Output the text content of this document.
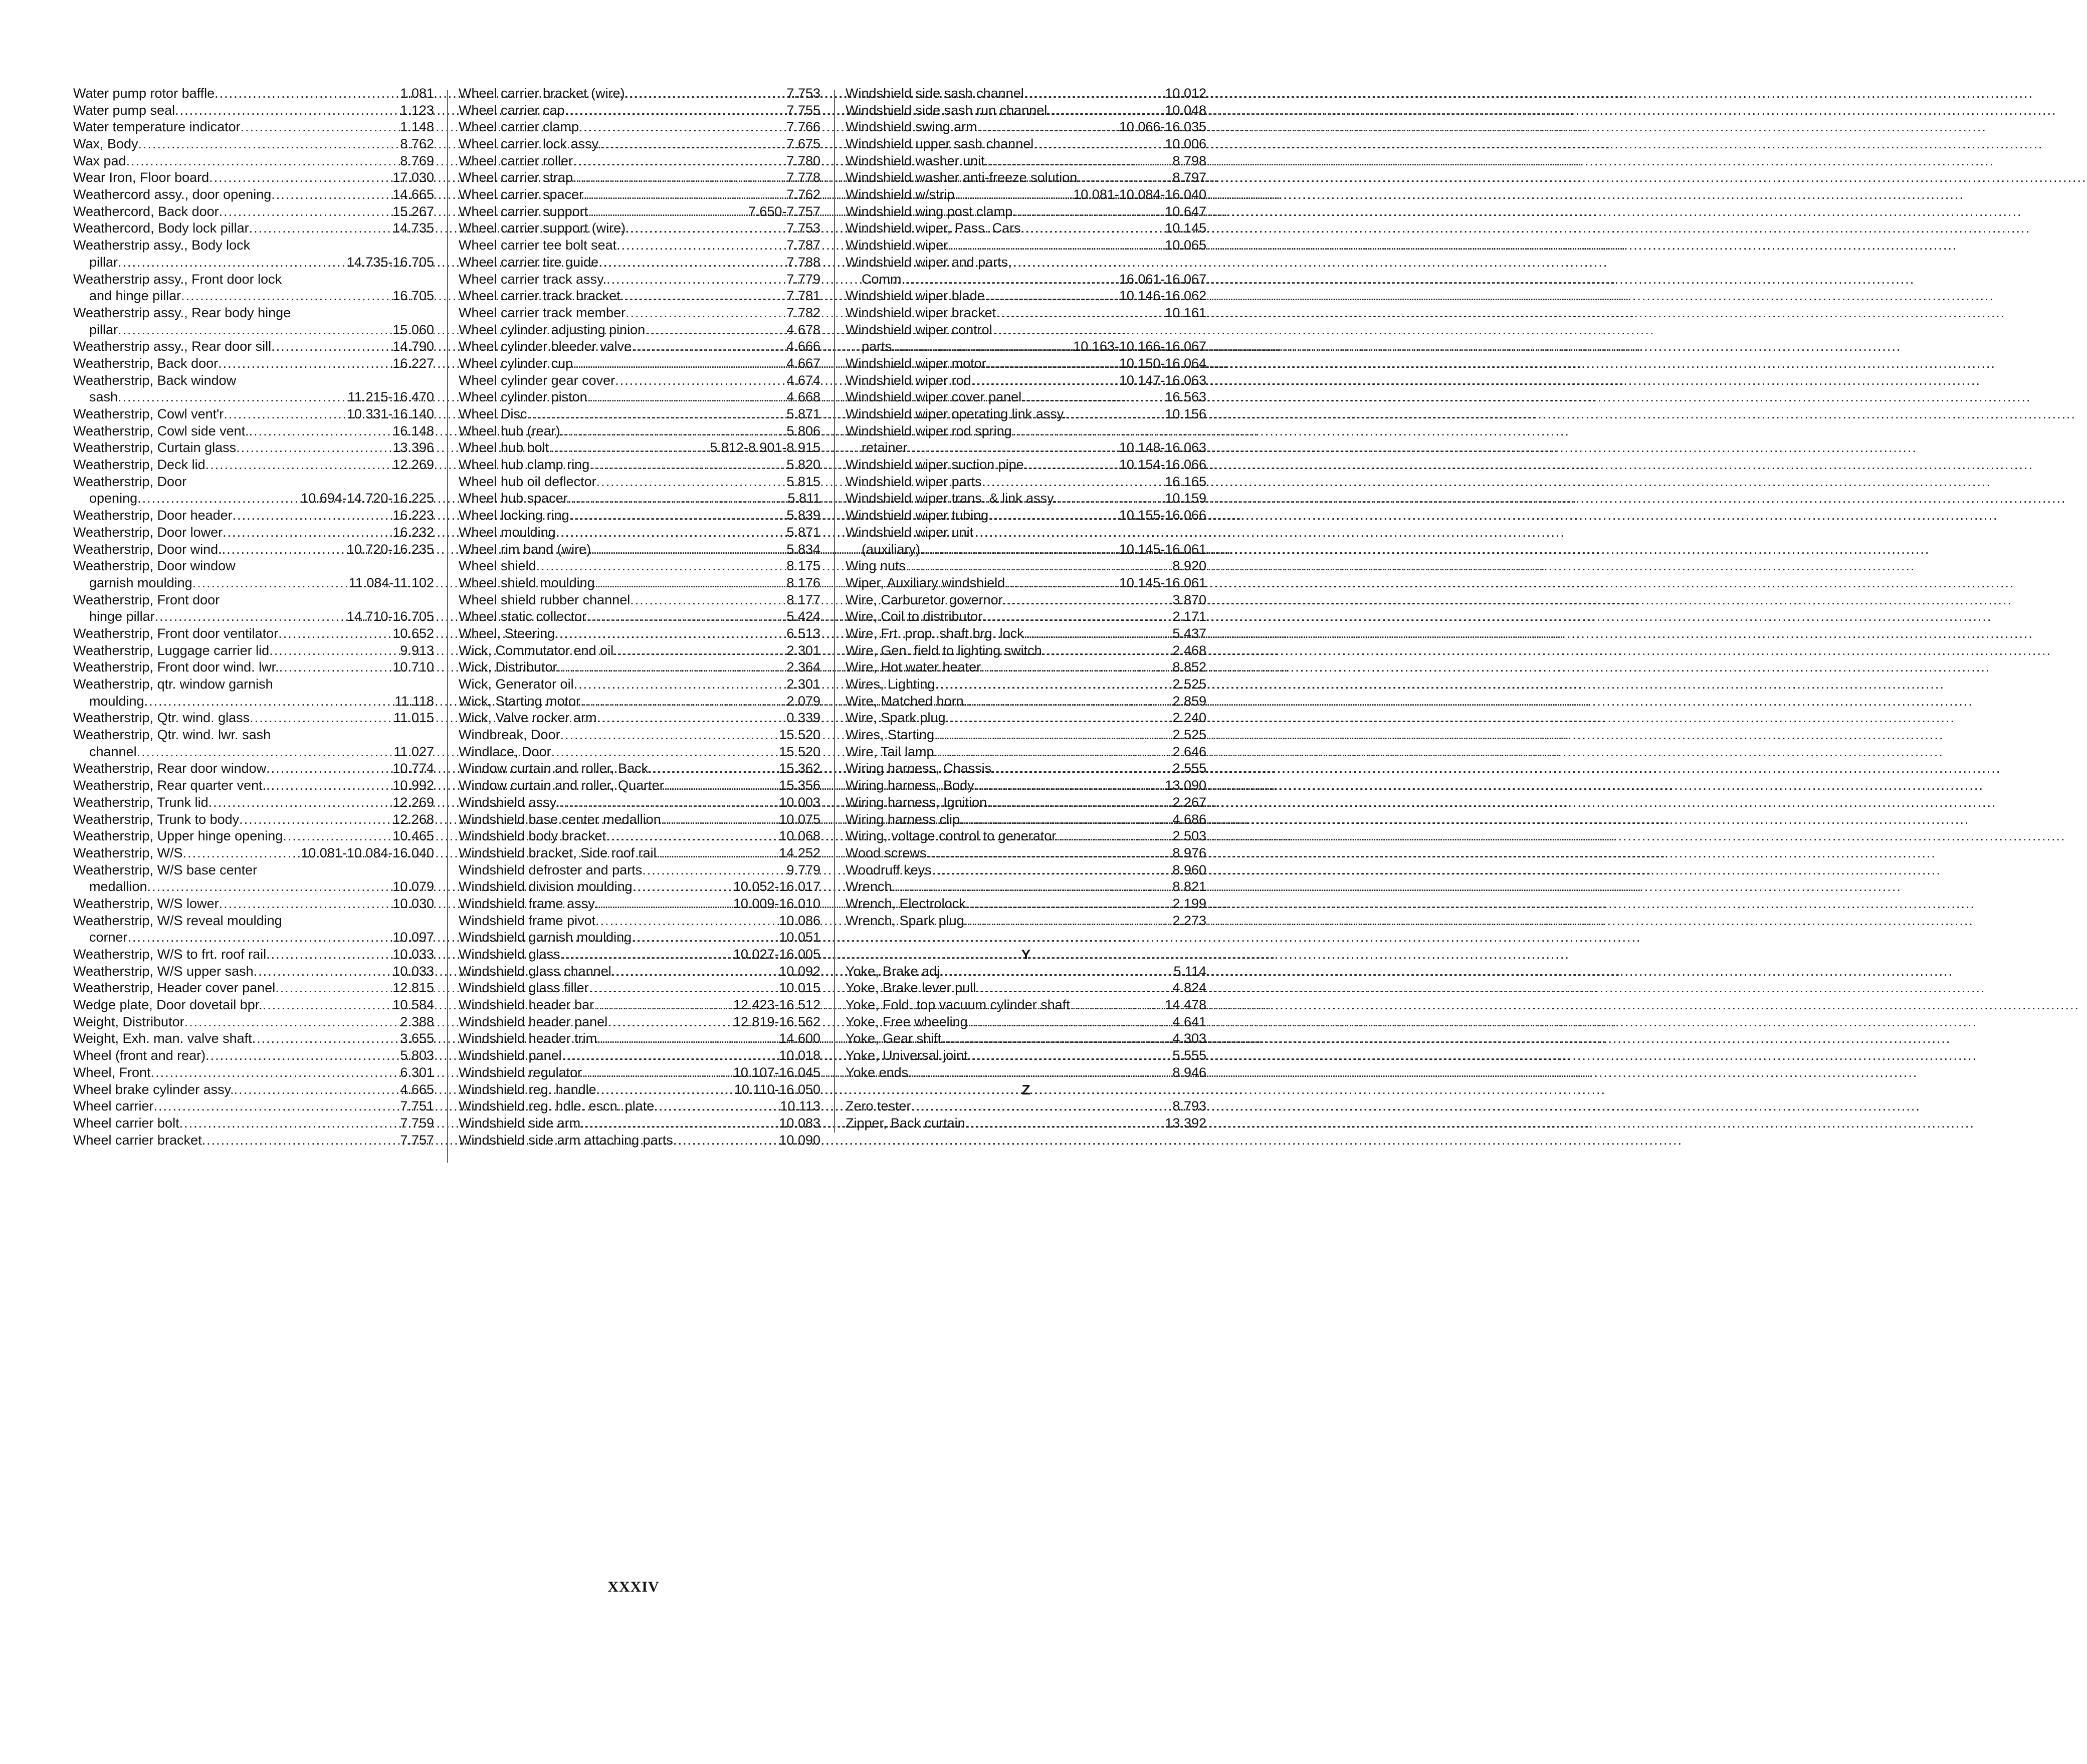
Water pump rotor baffle .....	1.081
Water pump seal .....	1.123
Water temperature indicator .....	1.148
Wax, Body .....	8.762
Wax pad .....	8.769
Wear Iron, Floor board .....	17.030
Weathercord assy., door opening .....	14.665
Weathercord, Back door .....	15.267
Weathercord, Body lock pillar .....	14.735
Weatherstrip assy., Body lock
pillar .....	14.735-16.705
Weatherstrip assy., Front door lock
and hinge pillar .....	16.705
Weatherstrip assy., Rear body hinge
pillar .....	15.060
Weatherstrip assy., Rear door sill .....	14.790
Weatherstrip, Back door .....	16.227
Weatherstrip, Back window
sash .....	11.215-16.470
Weatherstrip, Cowl vent'r .....	10.331-16.140
Weatherstrip, Cowl side vent. .....	16.148
Weatherstrip, Curtain glass .....	13.396
Weatherstrip, Deck lid .....	12.269
Weatherstrip, Door
opening .....	10.694-14.720-16.225
Weatherstrip, Door header .....	16.223
Weatherstrip, Door lower .....	16.232
Weatherstrip, Door wind. .....	10.720-16.235
Weatherstrip, Door window
garnish moulding .....	11.084-11.102
Weatherstrip, Front door
hinge pillar .....	14.710-16.705
Weatherstrip, Front door ventilator .....	10.652
Weatherstrip, Luggage carrier lid .....	9.913
Weatherstrip, Front door wind. lwr. .....	10.710
Weatherstrip, qtr. window garnish
moulding .....	11.118
Weatherstrip, Qtr. wind. glass .....	11.015
Weatherstrip, Qtr. wind. lwr. sash
channel .....	11.027
Weatherstrip, Rear door window .....	10.774
Weatherstrip, Rear quarter vent. .....	10.992
Weatherstrip, Trunk lid .....	12.269
Weatherstrip, Trunk to body .....	12.268
Weatherstrip, Upper hinge opening .....	10.465
Weatherstrip, W/S .....	10.081-10.084-16.040
Weatherstrip, W/S base center
medallion .....	10.079
Weatherstrip, W/S lower .....	10.030
Weatherstrip, W/S reveal moulding
corner .....	10.097
Weatherstrip, W/S to frt. roof rail .....	10.033
Weatherstrip, W/S upper sash .....	10.033
Weatherstrip, Header cover panel .....	12.815
Wedge plate, Door dovetail bpr. .....	10.584
Weight, Distributor .....	2.388
Weight, Exh. man. valve shaft .....	3.655
Wheel (front and rear) .....	5.803
Wheel, Front .....	6.301
Wheel brake cylinder assy. .....	4.665
Wheel carrier .....	7.751
Wheel carrier bolt .....	7.759
Wheel carrier bracket .....	7.757
Wheel carrier bracket (wire) .....	7.753
Wheel carrier cap .....	7.755
Wheel carrier clamp .....	7.766
Wheel carrier lock assy. .....	7.675
Wheel carrier roller .....	7.780
Wheel carrier strap .....	7.778
Wheel carrier spacer .....	7.762
Wheel carrier support .....	7.650-7.757
Wheel carrier support (wire) .....	7.753
Wheel carrier tee bolt seat .....	7.787
Wheel carrier tire guide .....	7.788
Wheel carrier track assy. .....	7.779
Wheel carrier track bracket .....	7.781
Wheel carrier track member .....	7.782
Wheel cylinder adjusting pinion .....	4.678
Wheel cylinder bleeder valve .....	4.666
Wheel cylinder cup .....	4.667
Wheel cylinder gear cover .....	4.674
Wheel cylinder piston .....	4.668
Wheel Disc .....	5.871
Wheel hub (rear) .....	5.806
Wheel hub bolt .....	5.812-8.901-8.915
Wheel hub clamp ring .....	5.820
Wheel hub oil deflector .....	5.815
Wheel hub spacer .....	5.811
Wheel locking ring .....	5.839
Wheel moulding .....	5.871
Wheel rim band (wire) .....	5.834
Wheel shield .....	8.175
Wheel shield moulding .....	8.176
Wheel shield rubber channel .....	8.177
Wheel static collector .....	5.424
Wheel, Steering .....	6.513
Wick, Commutator end oil .....	2.301
Wick, Distributor .....	2.364
Wick, Generator oil .....	2.301
Wick, Starting motor .....	2.079
Wick, Valve rocker arm .....	0.339
Windbreak, Door .....	15.520
Windlace, Door .....	15.520
Window curtain and roller, Back .....	15.362
Window curtain and roller, Quarter .....	15.356
Windshield assy. .....	10.003
Windshield base center medallion .....	10.075
Windshield body bracket .....	10.068
Windshield bracket, Side roof rail .....	14.252
Windshield defroster and parts .....	9.779
Windshield division moulding .....	10.052-16.017
Windshield frame assy. .....	10.009-16.010
Windshield frame pivot .....	10.086
Windshield garnish moulding .....	10.051
Windshield glass .....	10.027-16.005
Windshield glass channel .....	10.092
Windshield glass filler .....	10.015
Windshield header bar .....	12.423-16.512
Windshield header panel .....	12.819-16.562
Windshield header trim .....	14.600
Windshield panel .....	10.018
Windshield regulator .....	10.107-16.045
Windshield reg. handle .....	10.110-16.050
Windshield reg. hdle. escn. plate .....	10.113
Windshield side arm .....	10.083
Windshield side arm attaching parts .....	10.090
Windshield side sash channel .....	10.012
Windshield side sash run channel .....	10.048
Windshield swing arm .....	10.066-16.035
Windshield upper sash channel .....	10.006
Windshield washer unit .....	8.798
Windshield washer anti-freeze solution .....	8.797
Windshield w/strip .....	10.081-10.084-16.040
Windshield wing post clamp .....	10.647
Windshield wiper, Pass. Cars .....	10.145
Windshield wiper .....	10.065
Windshield wiper and parts,
Comm. .....	16.061-16.067
Windshield wiper blade .....	10.146-16.062
Windshield wiper bracket .....	10.161
Windshield wiper control
parts .....	10.163-10.166-16.067
Windshield wiper motor .....	10.150-16.064
Windshield wiper rod .....	10.147-16.063
Windshield wiper cover panel .....	16.563
Windshield wiper operating link assy. .....	10.156
Windshield wiper rod spring
retainer .....	10.148-16.063
Windshield wiper suction pipe .....	10.154-16.066
Windshield wiper parts .....	16.165
Windshield wiper trans. & link assy. .....	10.159
Windshield wiper tubing .....	10.155-16.066
Windshield wiper unit
(auxiliary) .....	10.145-16.061
Wing nuts .....	8.920
Wiper, Auxiliary windshield .....	10.145-16.061
Wire, Carburetor governor .....	3.870
Wire, Coil to distributor .....	2.171
Wire, Frt. prop. shaft brg. lock .....	5.437
Wire, Gen. field to lighting switch .....	2.468
Wire, Hot water heater .....	8.852
Wires, Lighting .....	2.525
Wire, Matched horn .....	2.859
Wire, Spark plug .....	2.240
Wires, Starting .....	2.525
Wire, Tail lamp .....	2.646
Wiring harness, Chassis .....	2.555
Wiring harness, Body .....	13.090
Wiring harness, Ignition .....	2.267
Wiring harness clip .....	4.686
Wiring, voltage control to generator .....	2.503
Wood screws .....	8.976
Woodruff keys .....	8.960
Wrench .....	8.821
Wrench, Electrolock .....	2.199
Wrench, Spark plug .....	2.273
Y
Yoke, Brake adj. .....	5.114
Yoke, Brake lever pull .....	4.824
Yoke, Fold. top vacuum cylinder shaft .....	14.478
Yoke, Free wheeling .....	4.641
Yoke, Gear shift .....	4.303
Yoke, Universal joint .....	5.555
Yoke ends .....	8.946
Z
Zero tester .....	8.793
Zipper, Back curtain .....	13.392
XXXIV
